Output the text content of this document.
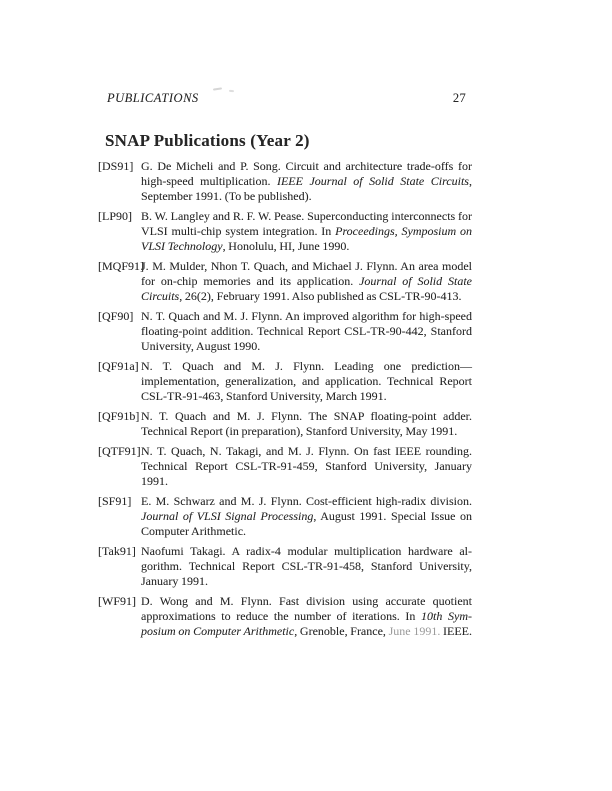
PUBLICATIONS	27
SNAP Publications (Year 2)
[DS91] G. De Micheli and P. Song. Circuit and architecture trade-offs for high-speed multiplication. IEEE Journal of Solid State Circuits, September 1991. (To be published).
[LP90] B. W. Langley and R. F. W. Pease. Superconducting interconnects for VLSI multi-chip system integration. In Proceedings, Symposium on VLSI Technology, Honolulu, HI, June 1990.
[MQF91]
J. M. Mulder, Nhon T. Quach, and Michael J. Flynn. An area model for on-chip memories and its application. Journal of Solid State Circuits, 26(2), February 1991. Also published as CSL-TR-90-413.
[QF90] N. T. Quach and M. J. Flynn. An improved algorithm for high-speed floating-point addition. Technical Report CSL-TR-90-442, Stanford University, August 1990.
[QF91a] N. T. Quach and M. J. Flynn. Leading one prediction—implementation, generalization, and application. Technical Report CSL-TR-91-463, Stanford University, March 1991.
[QF91b] N. T. Quach and M. J. Flynn. The SNAP floating-point adder. Technical Report (in preparation), Stanford University, May 1991.
[QTF91] N. T. Quach, N. Takagi, and M. J. Flynn. On fast IEEE rounding. Technical Report CSL-TR-91-459, Stanford University, January 1991.
[SF91] E. M. Schwarz and M. J. Flynn. Cost-efficient high-radix division. Journal of VLSI Signal Processing, August 1991. Special Issue on Computer Arithmetic.
[Tak91] Naofumi Takagi. A radix-4 modular multiplication hardware algorithm. Technical Report CSL-TR-91-458, Stanford University, January 1991.
[WF91] D. Wong and M. Flynn. Fast division using accurate quotient approximations to reduce the number of iterations. In 10th Symposium on Computer Arithmetic, Grenoble, France, June 1991. IEEE.
